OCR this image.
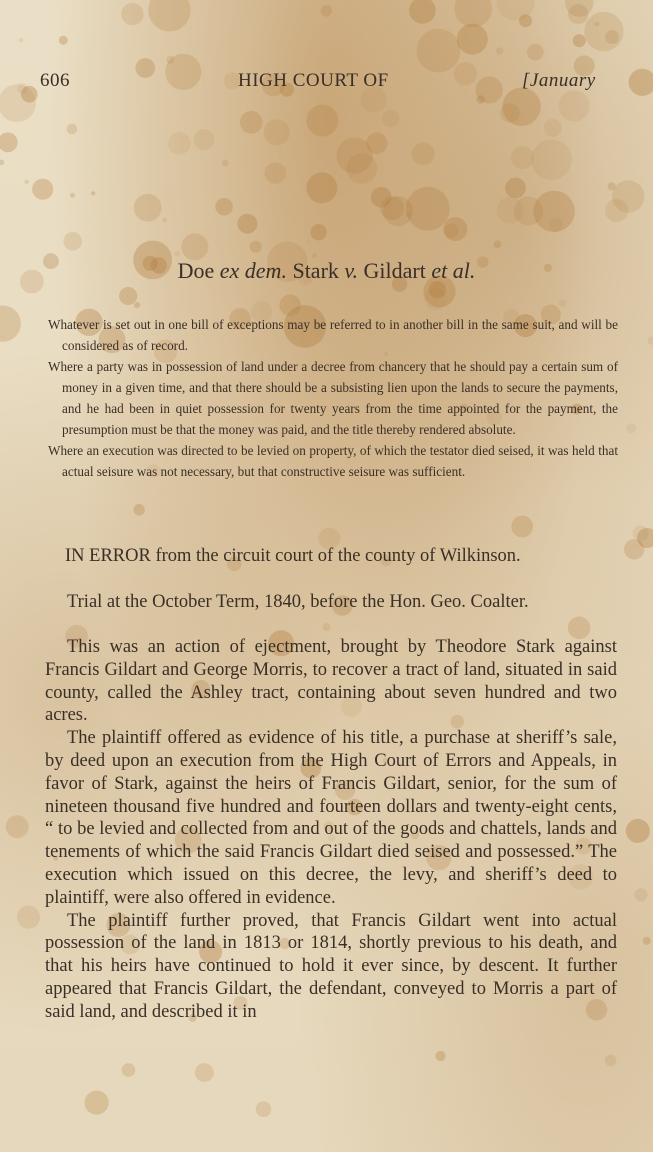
606	HIGH COURT OF	[January
Doe ex dem. Stark v. Gildart et al.
Whatever is set out in one bill of exceptions may be referred to in another bill in the same suit, and will be considered as of record.
Where a party was in possession of land under a decree from chancery that he should pay a certain sum of money in a given time, and that there should be a subsisting lien upon the lands to secure the payments, and he had been in quiet possession for twenty years from the time appointed for the payment, the presumption must be that the money was paid, and the title thereby rendered absolute.
Where an execution was directed to be levied on property, of which the testator died seised, it was held that actual seisure was not necessary, but that constructive seisure was sufficient.
IN ERROR from the circuit court of the county of Wilkinson.
Trial at the October Term, 1840, before the Hon. Geo. Coalter.
This was an action of ejectment, brought by Theodore Stark against Francis Gildart and George Morris, to recover a tract of land, situated in said county, called the Ashley tract, containing about seven hundred and two acres.
The plaintiff offered as evidence of his title, a purchase at sheriff’s sale, by deed upon an execution from the High Court of Errors and Appeals, in favor of Stark, against the heirs of Francis Gildart, senior, for the sum of nineteen thousand five hundred and fourteen dollars and twenty-eight cents, “ to be levied and collected from and out of the goods and chattels, lands and tenements of which the said Francis Gildart died seised and possessed.” The execution which issued on this decree, the levy, and sheriff’s deed to plaintiff, were also offered in evidence.
The plaintiff further proved, that Francis Gildart went into actual possession of the land in 1813 or 1814, shortly previous to his death, and that his heirs have continued to hold it ever since, by descent. It further appeared that Francis Gildart, the defendant, conveyed to Morris a part of said land, and described it in
